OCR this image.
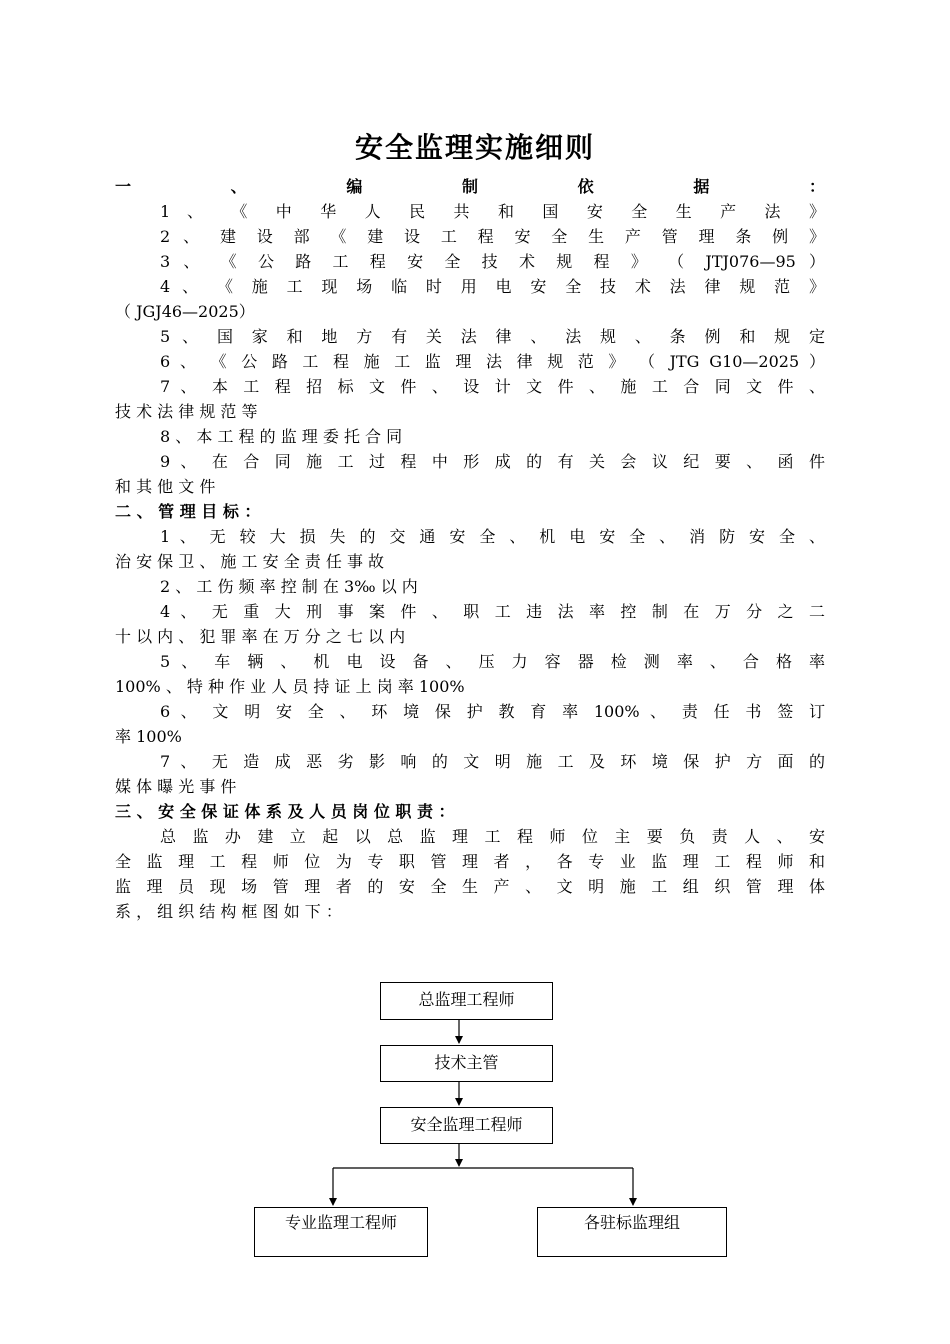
安全监理实施细则
一 、 编 制 依 据 ：
1 、 《 中 华 人 民 共 和 国 安 全 生 产 法 》
2 、 建 设 部 《 建 设 工 程 安 全 生 产 管 理 条 例 》
3 、 《 公 路 工 程 安 全 技 术 规 程 》 （ JTJ076—95 ）
4 、 《 施 工 现 场 临 时 用 电 安 全 技 术 法 律 规 范 》
（ JGJ46—2025）
5 、 国 家 和 地 方 有 关 法 律 、 法 规 、 条 例 和 规 定
6 、 《 公 路 工 程 施 工 监 理 法 律 规 范 》 （ JTG G10—2025 ）
7 、 本 工 程 招 标 文 件 、 设 计 文 件 、 施 工 合 同 文 件 、
技 术 法 律 规 范 等
8 、 本 工 程 的 监 理 委 托 合 同
9 、 在 合 同 施 工 过 程 中 形 成 的 有 关 会 议 纪 要 、 函 件
和 其 他 文 件
二 、 管 理 目 标 ：
1 、 无 较 大 损 失 的 交 通 安 全 、 机 电 安 全 、 消 防 安 全 、
治 安 保 卫 、 施 工 安 全 责 任 事 故
2 、 工 伤 频 率 控 制 在 3‰ 以 内
4 、 无 重 大 刑 事 案 件 、 职 工 违 法 率 控 制 在 万 分 之 二
十 以 内 、 犯 罪 率 在 万 分 之 七 以 内
5 、 车 辆 、 机 电 设 备 、 压 力 容 器 检 测 率 、 合 格 率
100% 、 特 种 作 业 人 员 持 证 上 岗 率 100%
6 、 文 明 安 全 、 环 境 保 护 教 育 率 100% 、 责 任 书 签 订
率 100%
7 、 无 造 成 恶 劣 影 响 的 文 明 施 工 及 环 境 保 护 方 面 的
媒 体 曝 光 事 件
三 、 安 全 保 证 体 系 及 人 员 岗 位 职 责 ：
总 监 办 建 立 起 以 总 监 理 工 程 师 位 主 要 负 责 人 、 安
全 监 理 工 程 师 位 为 专 职 管 理 者 ， 各 专 业 监 理 工 程 师 和
监 理 员 现 场 管 理 者 的 安 全 生 产 、 文 明 施 工 组 织 管 理 体
系 ， 组 织 结 构 框 图 如 下 ：
总监理工程师
技术主管
安全监理工程师
专业监理工程师	各驻标监理组
